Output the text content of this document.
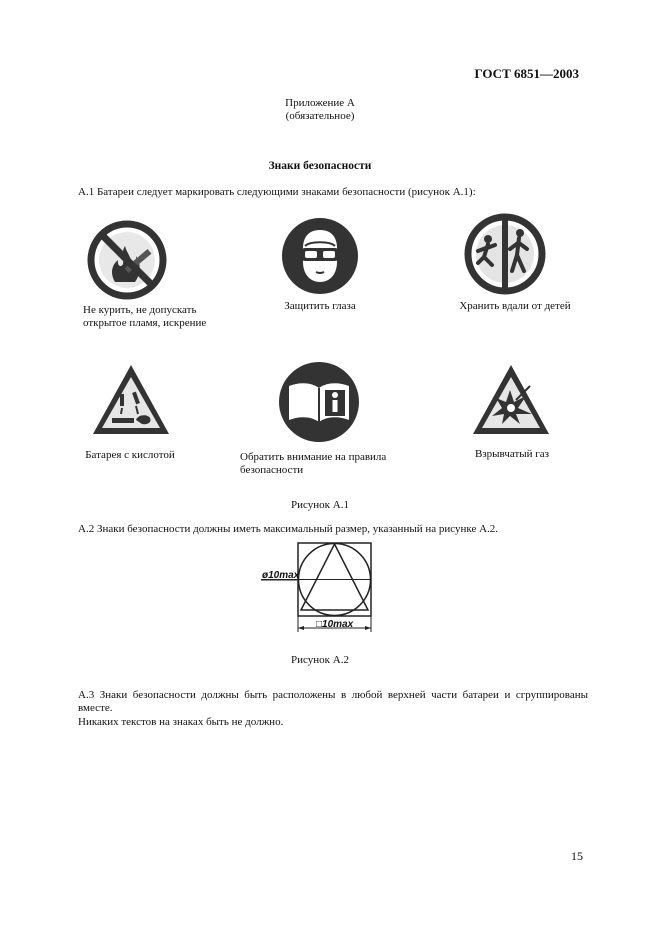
ГОСТ 6851—2003
Приложение А
(обязательное)
Знаки безопасности
А.1 Батареи следует маркировать следующими знаками безопасности (рисунок А.1):
Не курить, не допускать
открытое пламя, искрение
Защитить глаза	Хранить вдали от детей
Батарея с кислотой	Обратить внимание на правила
безопасности
Взрывчатый газ
Рисунок А.1
А.2 Знаки безопасности должны иметь максимальный размер, указанный на рисунке А.2.
ø10max
□10max
Рисунок А.2
А.3 Знаки безопасности должны быть расположены в любой верхней части батареи и сгруппированы вместе.
Никаких текстов на знаках быть не должно.
15
